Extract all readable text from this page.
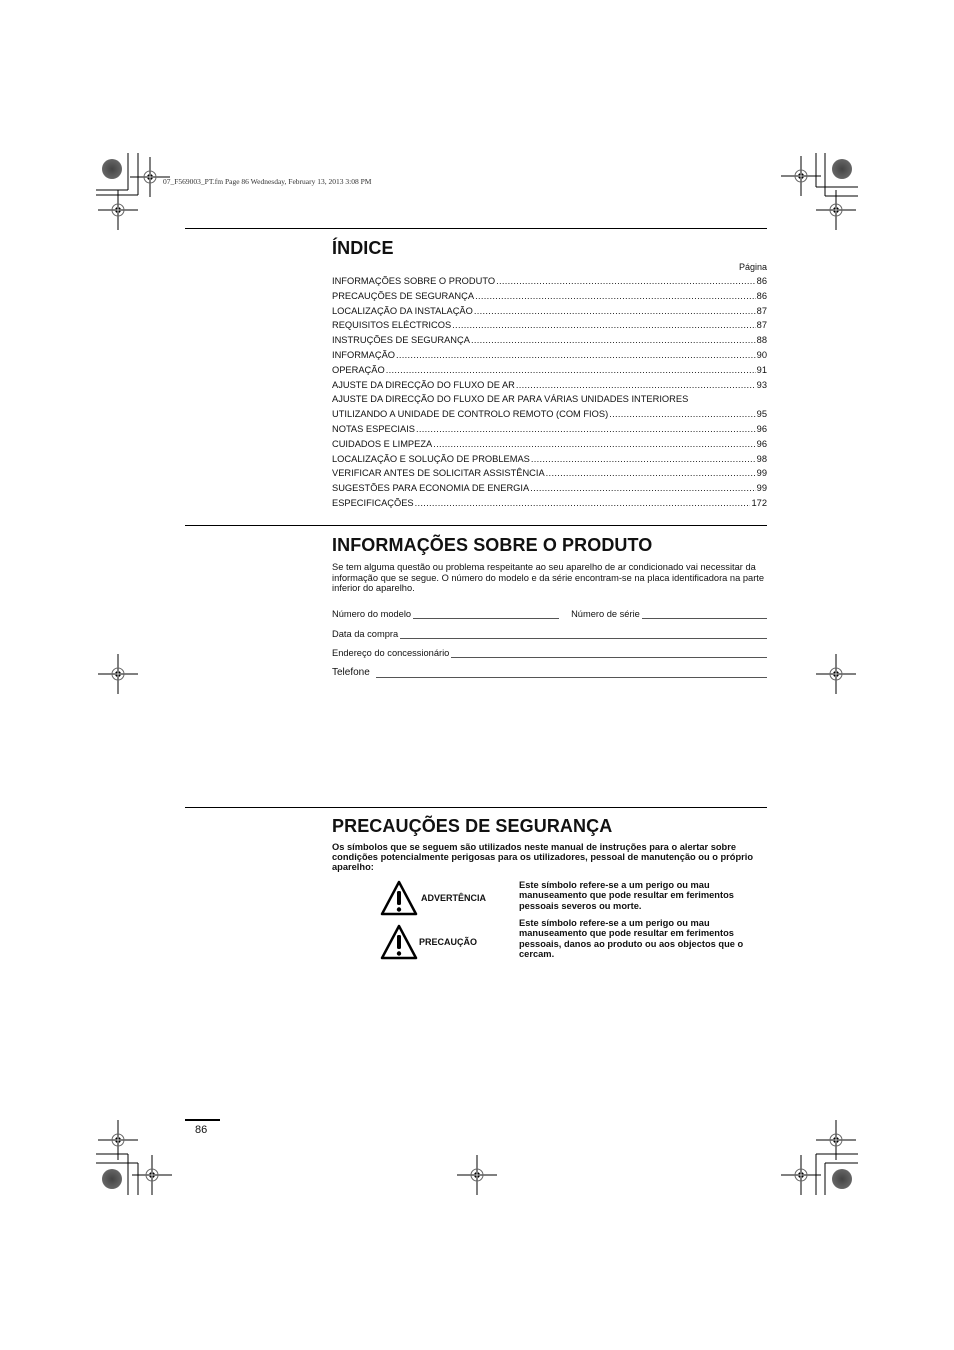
07_F569003_PT.fm Page 86 Wednesday, February 13, 2013 3:08 PM
ÍNDICE
Página
INFORMAÇÕES SOBRE O PRODUTO .....	86
PRECAUÇÕES DE SEGURANÇA .....	86
LOCALIZAÇÃO DA INSTALAÇÃO .....	87
REQUISITOS ELÉCTRICOS .....	87
INSTRUÇÕES DE SEGURANÇA .....	88
INFORMAÇÃO .....	90
OPERAÇÃO .....	91
AJUSTE DA DIRECÇÃO DO FLUXO DE AR .....	93
AJUSTE DA DIRECÇÃO DO FLUXO DE AR PARA VÁRIAS UNIDADES INTERIORES
UTILIZANDO A UNIDADE DE CONTROLO REMOTO (COM FIOS) .....	95
NOTAS ESPECIAIS .....	96
CUIDADOS E LIMPEZA .....	96
LOCALIZAÇÃO E SOLUÇÃO DE PROBLEMAS .....	98
VERIFICAR ANTES DE SOLICITAR ASSISTÊNCIA .....	99
SUGESTÕES PARA ECONOMIA DE ENERGIA .....	99
ESPECIFICAÇÕES .....	172
INFORMAÇÕES SOBRE O PRODUTO

Se tem alguma questão ou problema respeitante ao seu aparelho de ar condicionado vai necessitar da informação que se segue. O número do modelo e da série encontram-se na placa identificadora na parte inferior do aparelho.

Número do modelo	Número de série
Data da compra
Endereço do concessionário
Telefone
PRECAUÇÕES DE SEGURANÇA

Os símbolos que se seguem são utilizados neste manual de instruções para o alertar sobre condições potencialmente perigosas para os utilizadores, pessoal de manutenção ou o próprio aparelho:

ADVERTÊNCIA
Este símbolo refere-se a um perigo ou mau manuseamento que pode resultar em ferimentos pessoais severos ou morte.
PRECAUÇÃO
Este símbolo refere-se a um perigo ou mau manuseamento que pode resultar em ferimentos pessoais, danos ao produto ou aos objectos que o cercam.
86
